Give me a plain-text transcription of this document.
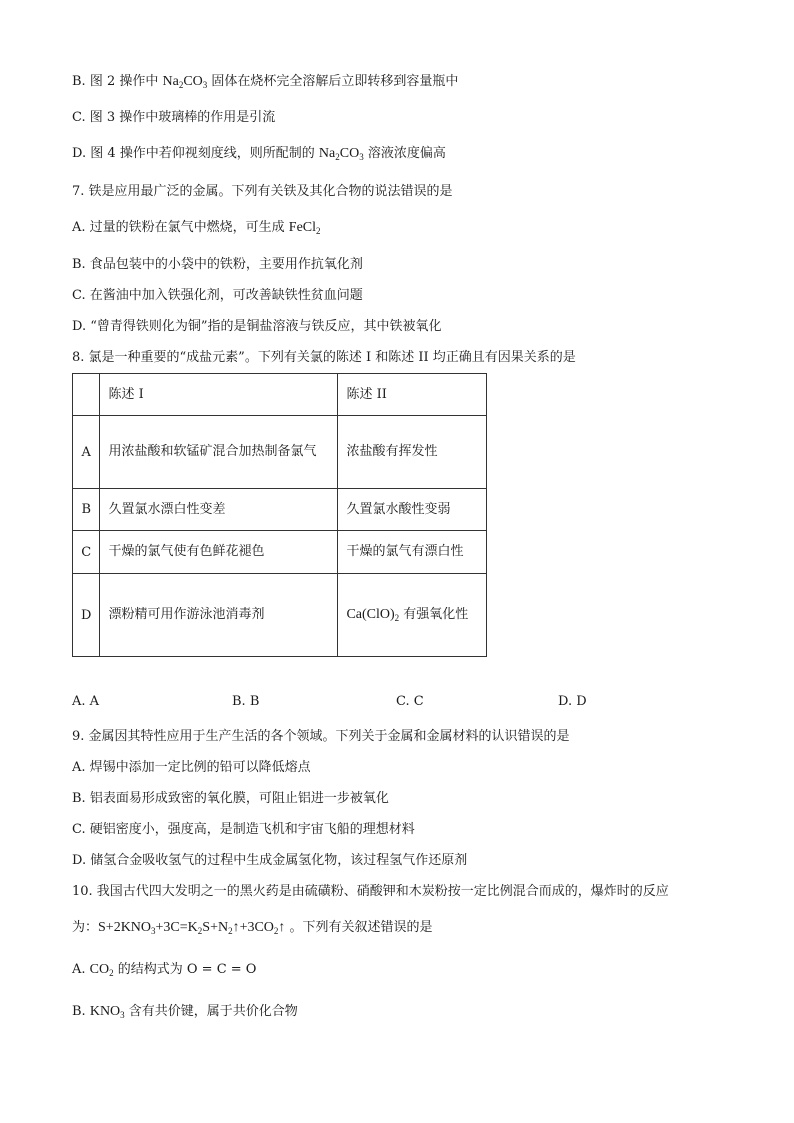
B. 图 2 操作中 $Na_2CO_3$ 固体在烧杯完全溶解后立即转移到容量瓶中
C. 图 3 操作中玻璃棒的作用是引流
D. 图 4 操作中若仰视刻度线，则所配制的 $Na_2CO_3$ 溶液浓度偏高
7. 铁是应用最广泛的金属。下列有关铁及其化合物的说法错误的是
A. 过量的铁粉在氯气中燃烧，可生成 FeCl$_2$
B. 食品包装中的小袋中的铁粉，主要用作抗氧化剂
C. 在酱油中加入铁强化剂，可改善缺铁性贫血问题
D. “曾青得铁则化为铜”指的是铜盐溶液与铁反应，其中铁被氧化
8. 氯是一种重要的“成盐元素”。下列有关氯的陈述 I 和陈述 II 均正确且有因果关系的是
	陈述 I	陈述 II
A	用浓盐酸和软锰矿混合加热制备氯气	浓盐酸有挥发性
B	久置氯水漂白性变差	久置氯水酸性变弱
C	干燥的氯气使有色鲜花褪色	干燥的氯气有漂白性
D	漂粉精可用作游泳池消毒剂	$Ca(ClO)_2$ 有强氧化性
A. A	B. B	C. C	D. D
9. 金属因其特性应用于生产生活的各个领域。下列关于金属和金属材料的认识错误的是
A. 焊锡中添加一定比例的铅可以降低熔点
B. 铝表面易形成致密的氧化膜，可阻止铝进一步被氧化
C. 硬铝密度小，强度高，是制造飞机和宇宙飞船的理想材料
D. 储氢合金吸收氢气的过程中生成金属氢化物，该过程氢气作还原剂
10. 我国古代四大发明之一的黑火药是由硫磺粉、硝酸钾和木炭粉按一定比例混合而成的，爆炸时的反应
为：$S+2KNO_3+3C=K_2S+N_2↑+3CO_2↑$ 。下列有关叙述错误的是
A. $CO_2$ 的结构式为 O = C = O
B. $KNO_3$ 含有共价键，属于共价化合物
